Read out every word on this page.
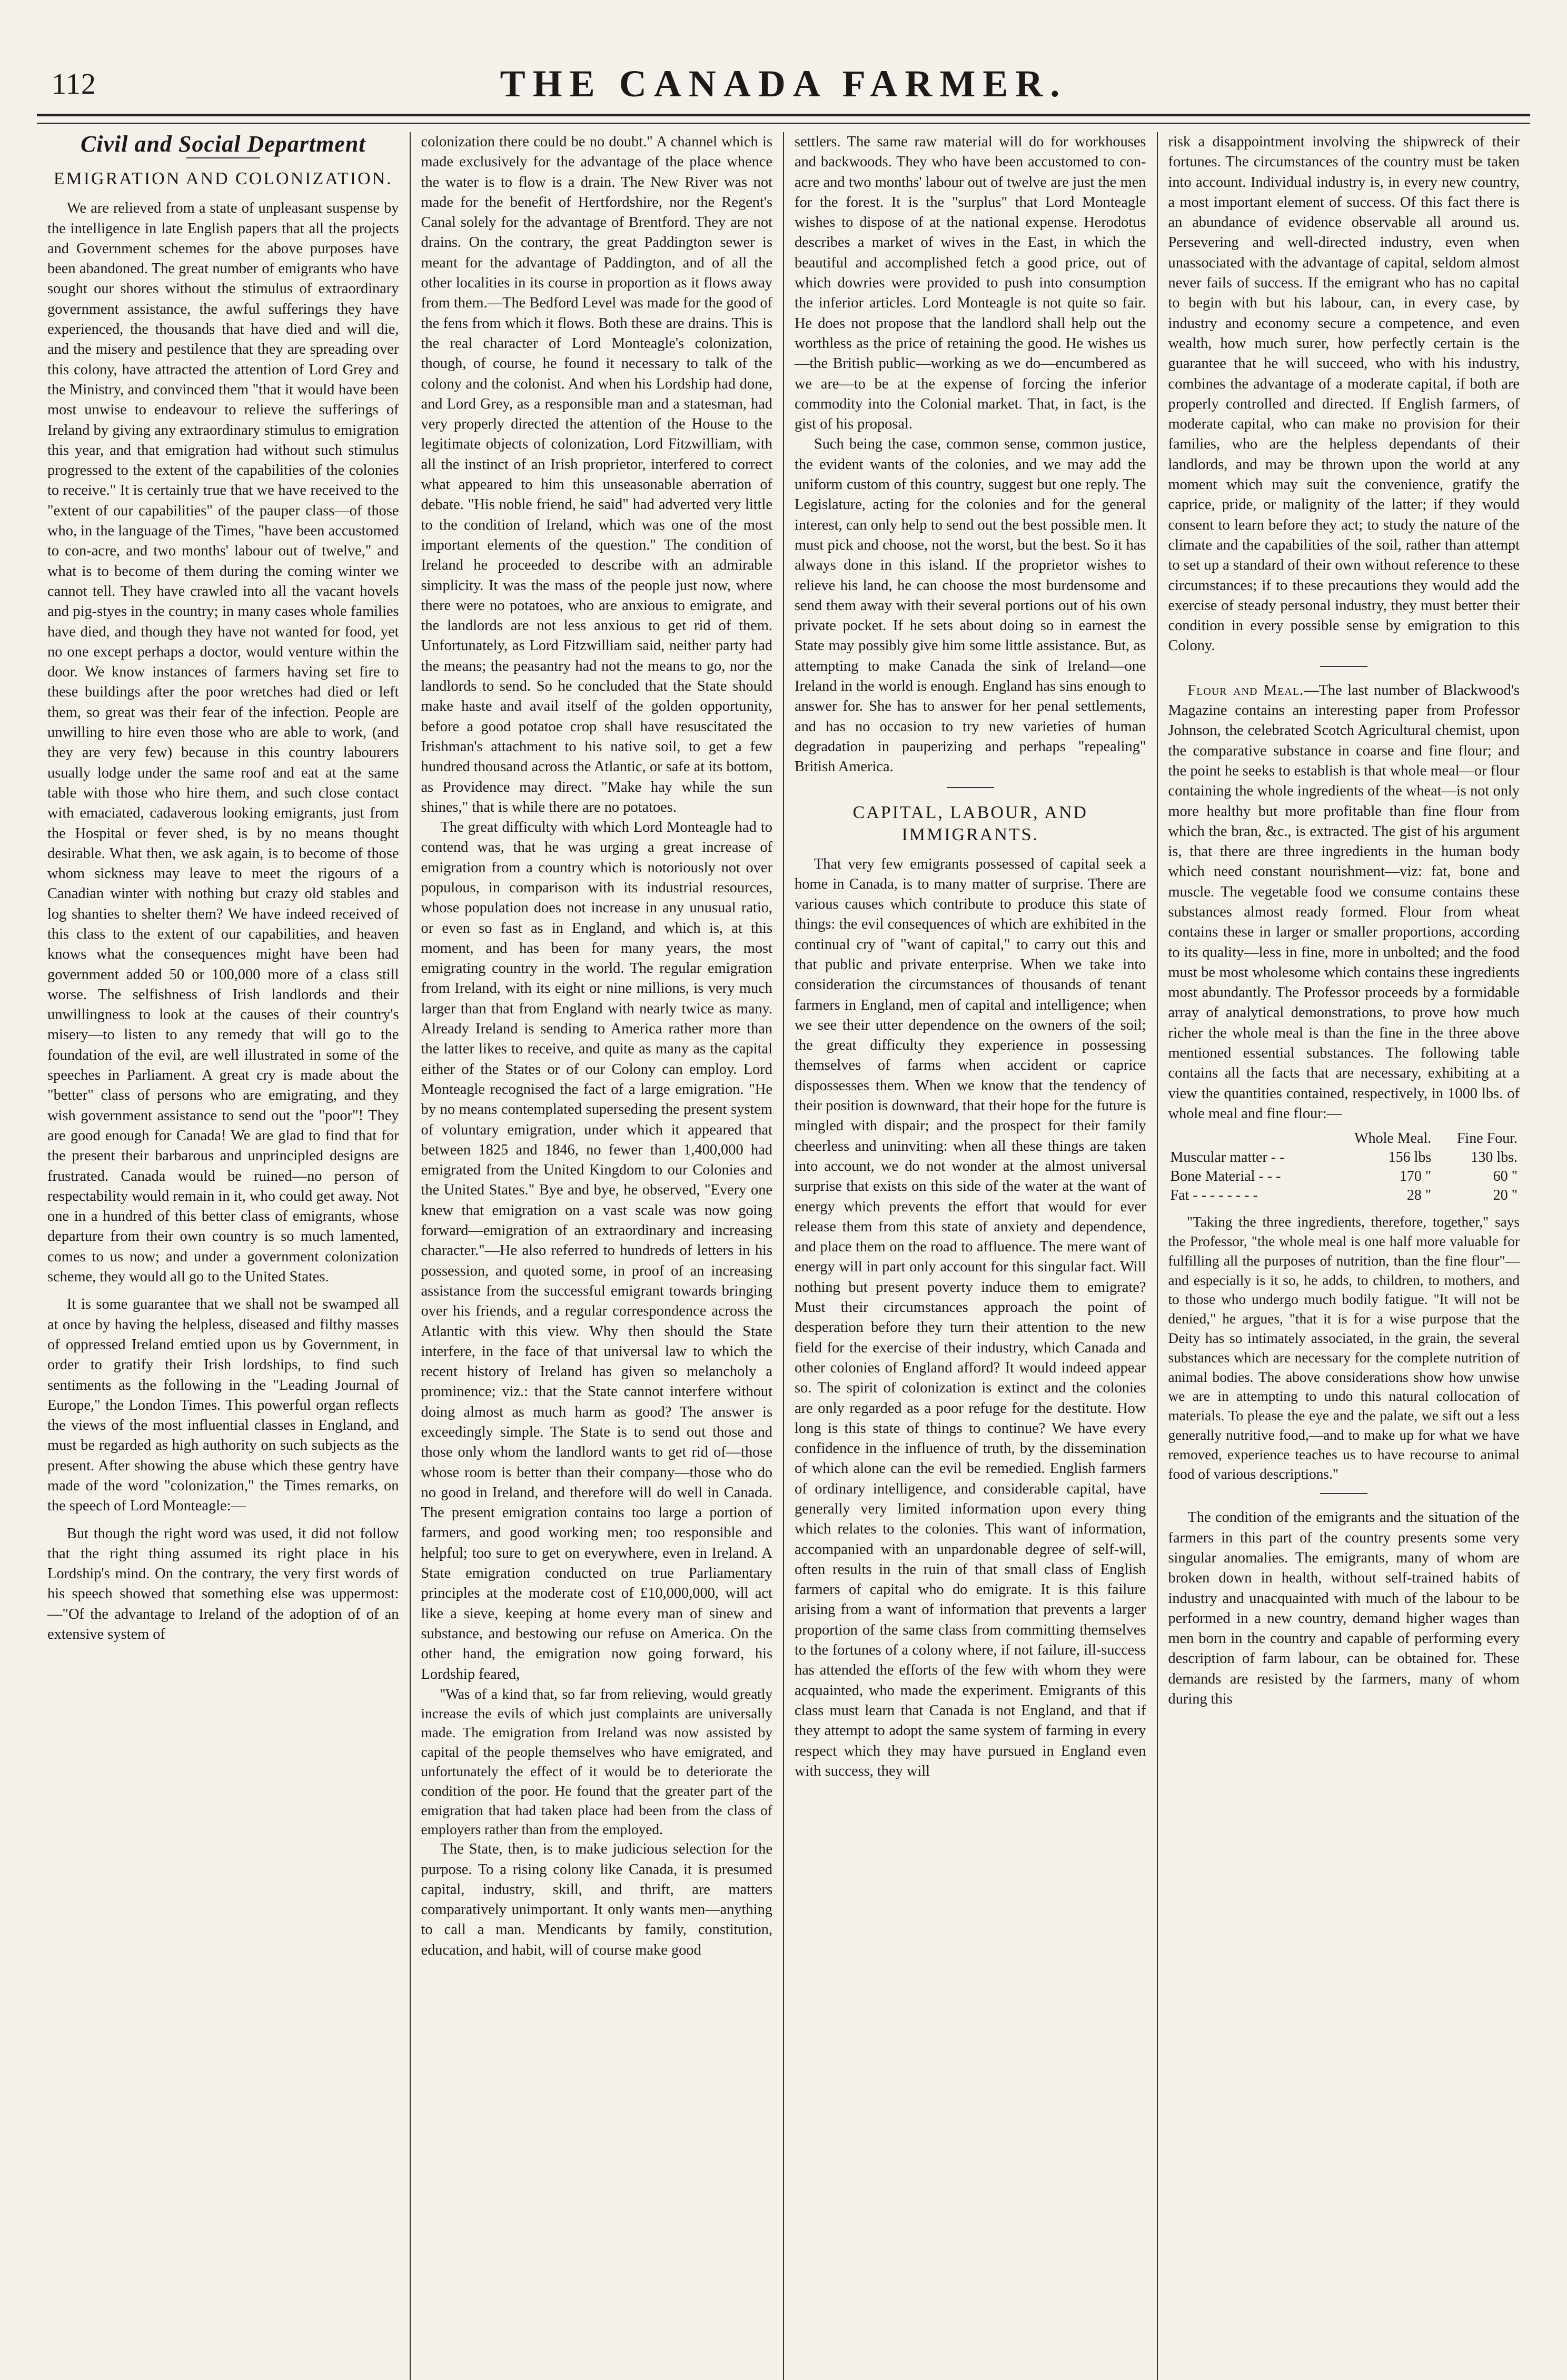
112	THE CANADA FARMER.
Civil and Social Department
EMIGRATION AND COLONIZATION.

We are relieved from a state of unpleasant suspense by the intelligence in late English papers that all the projects and Government schemes for the above purposes have been abandoned. The great number of emigrants who have sought our shores without the stimulus of extraordinary government assistance, the awful sufferings they have experienced, the thousands that have died and will die, and the misery and pestilence that they are spreading over this colony, have attracted the attention of Lord Grey and the Ministry, and convinced them "that it would have been most unwise to endeavour to relieve the sufferings of Ireland by giving any extraordinary stimulus to emigration this year, and that emigration had without such stimulus progressed to the extent of the capabilities of the colonies to receive." It is certainly true that we have received to the "extent of our capabilities" of the pauper class—of those who, in the language of the Times, "have been accustomed to con-acre, and two months' labour out of twelve," and what is to become of them during the coming winter we cannot tell. They have crawled into all the vacant hovels and pig-styes in the country; in many cases whole families have died, and though they have not wanted for food, yet no one except perhaps a doctor, would venture within the door. We know instances of farmers having set fire to these buildings after the poor wretches had died or left them, so great was their fear of the infection. People are unwilling to hire even those who are able to work, (and they are very few) because in this country labourers usually lodge under the same roof and eat at the same table with those who hire them, and such close contact with emaciated, cadaverous looking emigrants, just from the Hospital or fever shed, is by no means thought desirable. What then, we ask again, is to become of those whom sickness may leave to meet the rigours of a Canadian winter with nothing but crazy old stables and log shanties to shelter them? We have indeed received of this class to the extent of our capabilities, and heaven knows what the consequences might have been had government added 50 or 100,000 more of a class still worse. The selfishness of Irish landlords and their unwillingness to look at the causes of their country's misery—to listen to any remedy that will go to the foundation of the evil, are well illustrated in some of the speeches in Parliament. A great cry is made about the "better" class of persons who are emigrating, and they wish government assistance to send out the "poor"! They are good enough for Canada! We are glad to find that for the present their barbarous and unprincipled designs are frustrated. Canada would be ruined—no person of respectability would remain in it, who could get away. Not one in a hundred of this better class of emigrants, whose departure from their own country is so much lamented, comes to us now; and under a government colonization scheme, they would all go to the United States.

It is some guarantee that we shall not be swamped all at once by having the helpless, diseased and filthy masses of oppressed Ireland emtied upon us by Government, in order to gratify their Irish lordships, to find such sentiments as the following in the "Leading Journal of Europe," the London Times. This powerful organ reflects the views of the most influential classes in England, and must be regarded as high authority on such subjects as the present. After showing the abuse which these gentry have made of the word "colonization," the Times remarks, on the speech of Lord Monteagle:—

But though the right word was used, it did not follow that the right thing assumed its right place in his Lordship's mind. On the contrary, the very first words of his speech showed that something else was uppermost:—"Of the advantage to Ireland of the adoption of of an extensive system of

colonization there could be no doubt." A channel which is made exclusively for the advantage of the place whence the water is to flow is a drain. The New River was not made for the benefit of Hertfordshire, nor the Regent's Canal solely for the advantage of Brentford. They are not drains. On the contrary, the great Paddington sewer is meant for the advantage of Paddington, and of all the other localities in its course in proportion as it flows away from them.—The Bedford Level was made for the good of the fens from which it flows. Both these are drains. This is the real character of Lord Monteagle's colonization, though, of course, he found it necessary to talk of the colony and the colonist. And when his Lordship had done, and Lord Grey, as a responsible man and a statesman, had very properly directed the attention of the House to the legitimate objects of colonization, Lord Fitzwilliam, with all the instinct of an Irish proprietor, interfered to correct what appeared to him this unseasonable aberration of debate. "His noble friend, he said" had adverted very little to the condition of Ireland, which was one of the most important elements of the question." The condition of Ireland he proceeded to describe with an admirable simplicity. It was the mass of the people just now, where there were no potatoes, who are anxious to emigrate, and the landlords are not less anxious to get rid of them. Unfortunately, as Lord Fitzwilliam said, neither party had the means; the peasantry had not the means to go, nor the landlords to send. So he concluded that the State should make haste and avail itself of the golden opportunity, before a good potatoe crop shall have resuscitated the Irishman's attachment to his native soil, to get a few hundred thousand across the Atlantic, or safe at its bottom, as Providence may direct. "Make hay while the sun shines," that is while there are no potatoes.

The great difficulty with which Lord Monteagle had to contend was, that he was urging a great increase of emigration from a country which is notoriously not over populous, in comparison with its industrial resources, whose population does not increase in any unusual ratio, or even so fast as in England, and which is, at this moment, and has been for many years, the most emigrating country in the world. The regular emigration from Ireland, with its eight or nine millions, is very much larger than that from England with nearly twice as many. Already Ireland is sending to America rather more than the latter likes to receive, and quite as many as the capital either of the States or of our Colony can employ. Lord Monteagle recognised the fact of a large emigration. "He by no means contemplated superseding the present system of voluntary emigration, under which it appeared that between 1825 and 1846, no fewer than 1,400,000 had emigrated from the United Kingdom to our Colonies and the United States." Bye and bye, he observed, "Every one knew that emigration on a vast scale was now going forward—emigration of an extraordinary and increasing character."—He also referred to hundreds of letters in his possession, and quoted some, in proof of an increasing assistance from the successful emigrant towards bringing over his friends, and a regular correspondence across the Atlantic with this view. Why then should the State interfere, in the face of that universal law to which the recent history of Ireland has given so melancholy a prominence; viz.: that the State cannot interfere without doing almost as much harm as good? The answer is exceedingly simple. The State is to send out those and those only whom the landlord wants to get rid of—those whose room is better than their company—those who do no good in Ireland, and therefore will do well in Canada. The present emigration contains too large a portion of farmers, and good working men; too responsible and helpful; too sure to get on everywhere, even in Ireland. A State emigration conducted on true Parliamentary principles at the moderate cost of £10,000,000, will act like a sieve, keeping at home every man of sinew and substance, and bestowing our refuse on America. On the other hand, the emigration now going forward, his Lordship feared,

"Was of a kind that, so far from relieving, would greatly increase the evils of which just complaints are universally made. The emigration from Ireland was now assisted by capital of the people themselves who have emigrated, and unfortunately the effect of it would be to deteriorate the condition of the poor. He found that the greater part of the emigration that had taken place had been from the class of employers rather than from the employed.

The State, then, is to make judicious selection for the purpose. To a rising colony like Canada, it is presumed capital, industry, skill, and thrift, are matters comparatively unimportant. It only wants men—anything to call a man. Mendicants by family, constitution, education, and habit, will of course make good

settlers. The same raw material will do for workhouses and backwoods. They who have been accustomed to con-acre and two months' labour out of twelve are just the men for the forest. It is the "surplus" that Lord Monteagle wishes to dispose of at the national expense. Herodotus describes a market of wives in the East, in which the beautiful and accomplished fetch a good price, out of which dowries were provided to push into consumption the inferior articles. Lord Monteagle is not quite so fair. He does not propose that the landlord shall help out the worthless as the price of retaining the good. He wishes us—the British public—working as we do—encumbered as we are—to be at the expense of forcing the inferior commodity into the Colonial market. That, in fact, is the gist of his proposal.

Such being the case, common sense, common justice, the evident wants of the colonies, and we may add the uniform custom of this country, suggest but one reply. The Legislature, acting for the colonies and for the general interest, can only help to send out the best possible men. It must pick and choose, not the worst, but the best. So it has always done in this island. If the proprietor wishes to relieve his land, he can choose the most burdensome and send them away with their several portions out of his own private pocket. If he sets about doing so in earnest the State may possibly give him some little assistance. But, as attempting to make Canada the sink of Ireland—one Ireland in the world is enough. England has sins enough to answer for. She has to answer for her penal settlements, and has no occasion to try new varieties of human degradation in pauperizing and perhaps "repealing" British America.

CAPITAL, LABOUR, AND IMMIGRANTS.

That very few emigrants possessed of capital seek a home in Canada, is to many matter of surprise. There are various causes which contribute to produce this state of things: the evil consequences of which are exhibited in the continual cry of "want of capital," to carry out this and that public and private enterprise. When we take into consideration the circumstances of thousands of tenant farmers in England, men of capital and intelligence; when we see their utter dependence on the owners of the soil; the great difficulty they experience in possessing themselves of farms when accident or caprice dispossesses them. When we know that the tendency of their position is downward, that their hope for the future is mingled with dispair; and the prospect for their family cheerless and uninviting: when all these things are taken into account, we do not wonder at the almost universal surprise that exists on this side of the water at the want of energy which prevents the effort that would for ever release them from this state of anxiety and dependence, and place them on the road to affluence. The mere want of energy will in part only account for this singular fact. Will nothing but present poverty induce them to emigrate? Must their circumstances approach the point of desperation before they turn their attention to the new field for the exercise of their industry, which Canada and other colonies of England afford? It would indeed appear so. The spirit of colonization is extinct and the colonies are only regarded as a poor refuge for the destitute. How long is this state of things to continue? We have every confidence in the influence of truth, by the dissemination of which alone can the evil be remedied. English farmers of ordinary intelligence, and considerable capital, have generally very limited information upon every thing which relates to the colonies. This want of information, accompanied with an unpardonable degree of self-will, often results in the ruin of that small class of English farmers of capital who do emigrate. It is this failure arising from a want of information that prevents a larger proportion of the same class from committing themselves to the fortunes of a colony where, if not failure, ill-success has attended the efforts of the few with whom they were acquainted, who made the experiment. Emigrants of this class must learn that Canada is not England, and that if they attempt to adopt the same system of farming in every respect which they may have pursued in England even with success, they will

risk a disappointment involving the shipwreck of their fortunes. The circumstances of the country must be taken into account. Individual industry is, in every new country, a most important element of success. Of this fact there is an abundance of evidence observable all around us. Persevering and well-directed industry, even when unassociated with the advantage of capital, seldom almost never fails of success. If the emigrant who has no capital to begin with but his labour, can, in every case, by industry and economy secure a competence, and even wealth, how much surer, how perfectly certain is the guarantee that he will succeed, who with his industry, combines the advantage of a moderate capital, if both are properly controlled and directed. If English farmers, of moderate capital, who can make no provision for their families, who are the helpless dependants of their landlords, and may be thrown upon the world at any moment which may suit the convenience, gratify the caprice, pride, or malignity of the latter; if they would consent to learn before they act; to study the nature of the climate and the capabilities of the soil, rather than attempt to set up a standard of their own without reference to these circumstances; if to these precautions they would add the exercise of steady personal industry, they must better their condition in every possible sense by emigration to this Colony.

Flour and Meal.—The last number of Blackwood's Magazine contains an interesting paper from Professor Johnson, the celebrated Scotch Agricultural chemist, upon the comparative substance in coarse and fine flour; and the point he seeks to establish is that whole meal—or flour containing the whole ingredients of the wheat—is not only more healthy but more profitable than fine flour from which the bran, &c., is extracted. The gist of his argument is, that there are three ingredients in the human body which need constant nourishment—viz: fat, bone and muscle. The vegetable food we consume contains these substances almost ready formed. Flour from wheat contains these in larger or smaller proportions, according to its quality—less in fine, more in unbolted; and the food must be most wholesome which contains these ingredients most abundantly. The Professor proceeds by a formidable array of analytical demonstrations, to prove how much richer the whole meal is than the fine in the three above mentioned essential substances. The following table contains all the facts that are necessary, exhibiting at a view the quantities contained, respectively, in 1000 lbs. of whole meal and fine flour:—

	Whole Meal.	Fine Four.
Muscular matter - -	156 lbs	130 lbs.
Bone Material - - -	170 "	60 "
Fat - - - - - - - -	28 "	20 "

"Taking the three ingredients, therefore, together," says the Professor, "the whole meal is one half more valuable for fulfilling all the purposes of nutrition, than the fine flour"—and especially is it so, he adds, to children, to mothers, and to those who undergo much bodily fatigue. "It will not be denied," he argues, "that it is for a wise purpose that the Deity has so intimately associated, in the grain, the several substances which are necessary for the complete nutrition of animal bodies. The above considerations show how unwise we are in attempting to undo this natural collocation of materials. To please the eye and the palate, we sift out a less generally nutritive food,—and to make up for what we have removed, experience teaches us to have recourse to animal food of various descriptions."

The condition of the emigrants and the situation of the farmers in this part of the country presents some very singular anomalies. The emigrants, many of whom are broken down in health, without self-trained habits of industry and unacquainted with much of the labour to be performed in a new country, demand higher wages than men born in the country and capable of performing every description of farm labour, can be obtained for. These demands are resisted by the farmers, many of whom during this
